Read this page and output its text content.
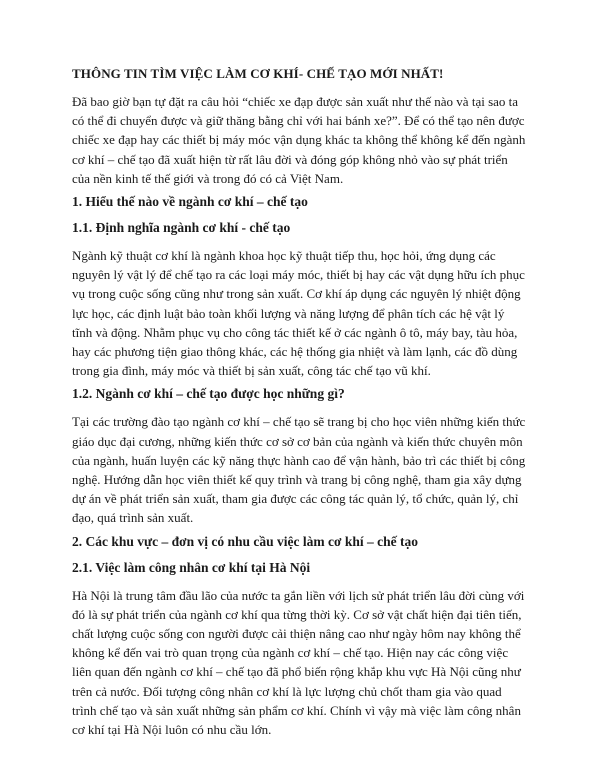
THÔNG TIN TÌM VIỆC LÀM CƠ KHÍ- CHẾ TẠO MỚI NHẤT!

Đã bao giờ bạn tự đặt ra câu hỏi “chiếc xe đạp được sản xuất như thế nào và tại sao ta có thể đi chuyển được và giữ thăng bằng chỉ với hai bánh xe?”. Để có thể tạo nên được chiếc xe đạp hay các thiết bị máy móc vận dụng khác ta không thể không kể đến ngành cơ khí – chế tạo đã xuất hiện từ rất lâu đời và đóng góp không nhỏ vào sự phát triển của nền kinh tế thế giới và trong đó có cả Việt Nam.

1. Hiểu thế nào về ngành cơ khí – chế tạo
1.1. Định nghĩa ngành cơ khí - chế tạo

Ngành kỹ thuật cơ khí là ngành khoa học kỹ thuật tiếp thu, học hỏi, ứng dụng các nguyên lý vật lý để chế tạo ra các loại máy móc, thiết bị hay các vật dụng hữu ích phục vụ trong cuộc sống cũng như trong sản xuất. Cơ khí áp dụng các nguyên lý nhiệt động lực học, các định luật bảo toàn khối lượng và năng lượng để phân tích các hệ vật lý tĩnh và động. Nhằm phục vụ cho công tác thiết kế ở các ngành ô tô, máy bay, tàu hỏa, hay các phương tiện giao thông khác, các hệ thống gia nhiệt và làm lạnh, các đồ dùng trong gia đình, máy móc và thiết bị sản xuất, công tác chế tạo vũ khí.

1.2. Ngành cơ khí – chế tạo được học những gì?

Tại các trường đào tạo ngành cơ khí – chế tạo sẽ trang bị cho học viên những kiến thức giáo dục đại cương, những kiến thức cơ sở cơ bản của ngành và kiến thức chuyên môn của ngành, huấn luyện các kỹ năng thực hành cao để vận hành, bảo trì các thiết bị công nghệ. Hướng dẫn học viên thiết kế quy trình và trang bị công nghệ, tham gia xây dựng dự án về phát triển sản xuất, tham gia được các công tác quản lý, tổ chức, quản lý, chỉ đạo, quá trình sản xuất.

2. Các khu vực – đơn vị có nhu cầu việc làm cơ khí – chế tạo
2.1. Việc làm công nhân cơ khí tại Hà Nội

Hà Nội là trung tâm đầu lão của nước ta gắn liền với lịch sử phát triển lâu đời cùng với đó là sự phát triển của ngành cơ khí qua từng thời kỳ. Cơ sở vật chất hiện đại tiên tiến, chất lượng cuộc sống con người được cải thiện nâng cao như ngày hôm nay không thể không kể đến vai trò quan trọng của ngành cơ khí – chế tạo. Hiện nay các công việc liên quan đến ngành cơ khí – chế tạo đã phổ biến rộng khắp khu vực Hà Nội cũng như trên cả nước. Đối tượng công nhân cơ khí là lực lượng chủ chốt tham gia vào quad trình chế tạo và sản xuất những sản phẩm cơ khí. Chính vì vậy mà việc làm công nhân cơ khí tại Hà Nội luôn có nhu cầu lớn.
